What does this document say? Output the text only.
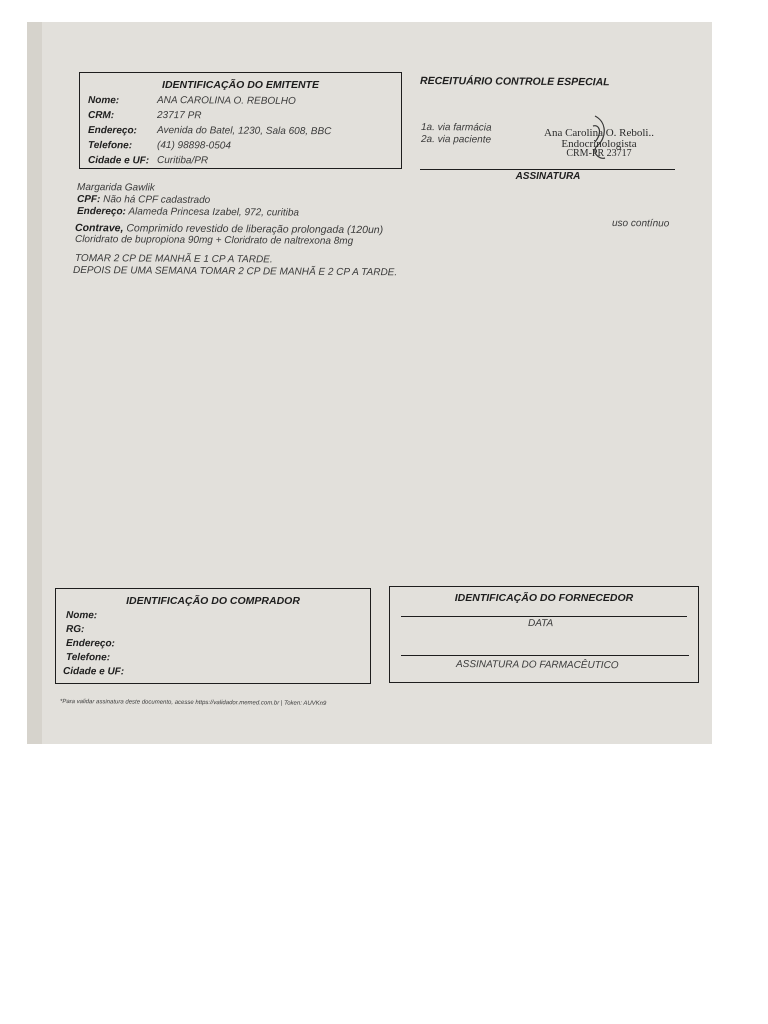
IDENTIFICAÇÃO DO EMITENTE
Nome:	ANA CAROLINA O. REBOLHO
CRM:	23717 PR
Endereço: Avenida do Batel, 1230, Sala 608, BBC
Telefone: (41) 98898-0504
Cidade e UF: Curitiba/PR
RECEITUÁRIO CONTROLE ESPECIAL
1a. via farmácia
2a. via paciente
Ana Carolina O. Reboli..
Endocrinologista
CRM-PR 23717
ASSINATURA
Margarida Gawlik
CPF: Não há CPF cadastrado
Endereço: Alameda Princesa Izabel, 972, curitiba
Contrave, Comprimido revestido de liberação prolongada (120un)	uso contínuo
Cloridrato de bupropiona 90mg + Cloridrato de naltrexona 8mg
TOMAR 2 CP DE MANHÃ E 1 CP A TARDE.
DEPOIS DE UMA SEMANA TOMAR 2 CP DE MANHÃ E 2 CP A TARDE.
IDENTIFICAÇÃO DO COMPRADOR
Nome:
RG:
Endereço:
Telefone:
Cidade e UF:
IDENTIFICAÇÃO DO FORNECEDOR
DATA
ASSINATURA DO FARMACÊUTICO
*Para validar assinatura deste documento, acesse https://validador.memed.com.br | Token: AUVKn9
